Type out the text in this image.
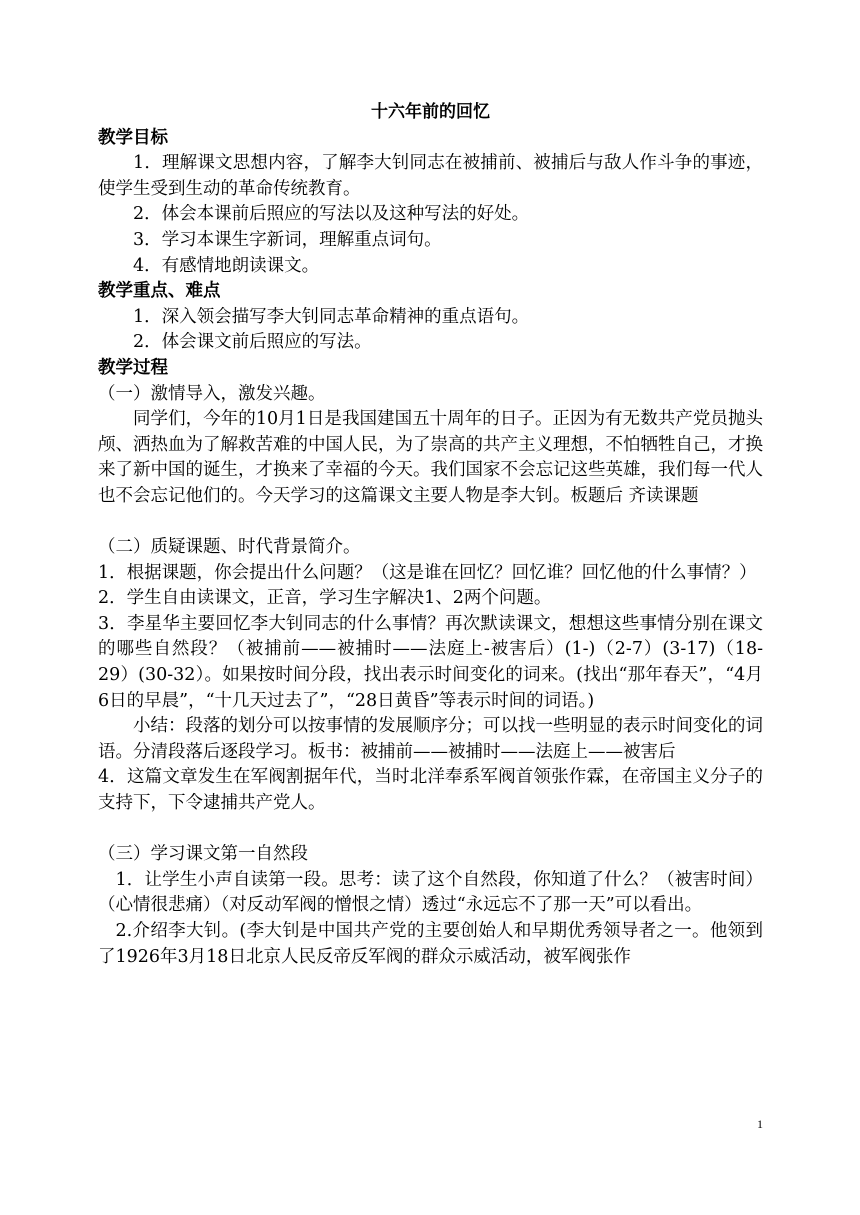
十六年前的回忆
教学目标

1．理解课文思想内容，了解李大钊同志在被捕前、被捕后与敌人作斗争的事迹，使学生受到生动的革命传统教育。

2．体会本课前后照应的写法以及这种写法的好处。

3．学习本课生字新词，理解重点词句。

4．有感情地朗读课文。

教学重点、难点

1．深入领会描写李大钊同志革命精神的重点语句。

2．体会课文前后照应的写法。

教学过程

（一）激情导入，激发兴趣。

同学们，今年的10月1日是我国建国五十周年的日子。正因为有无数共产党员抛头颅、洒热血为了解救苦难的中国人民，为了崇高的共产主义理想，不怕牺牲自己，才换来了新中国的诞生，才换来了幸福的今天。我们国家不会忘记这些英雄，我们每一代人也不会忘记他们的。今天学习的这篇课文主要人物是李大钊。板题后 齐读课题

（二）质疑课题、时代背景简介。

1．根据课题，你会提出什么问题？（这是谁在回忆？回忆谁？回忆他的什么事情？）

2．学生自由读课文，正音，学习生字解决1、2两个问题。

3．李星华主要回忆李大钊同志的什么事情？再次默读课文，想想这些事情分别在课文的哪些自然段？（被捕前——被捕时——法庭上-被害后）(1-)（2-7）(3-17)（18-29）(30-32）。如果按时间分段，找出表示时间变化的词来。(找出“那年春天”，“4月6日的早晨”，“十几天过去了”，“28日黄昏”等表示时间的词语。)

小结：段落的划分可以按事情的发展顺序分；可以找一些明显的表示时间变化的词语。分清段落后逐段学习。板书：被捕前——被捕时——法庭上——被害后

4．这篇文章发生在军阀割据年代，当时北洋奉系军阀首领张作霖，在帝国主义分子的支持下，下令逮捕共产党人。

（三）学习课文第一自然段

1．让学生小声自读第一段。思考：读了这个自然段，你知道了什么？（被害时间）（心情很悲痛）（对反动军阀的憎恨之情）透过“永远忘不了那一天”可以看出。

2.介绍李大钊。(李大钊是中国共产党的主要创始人和早期优秀领导者之一。他领到了1926年3月18日北京人民反帝反军阀的群众示威活动，被军阀张作

1
